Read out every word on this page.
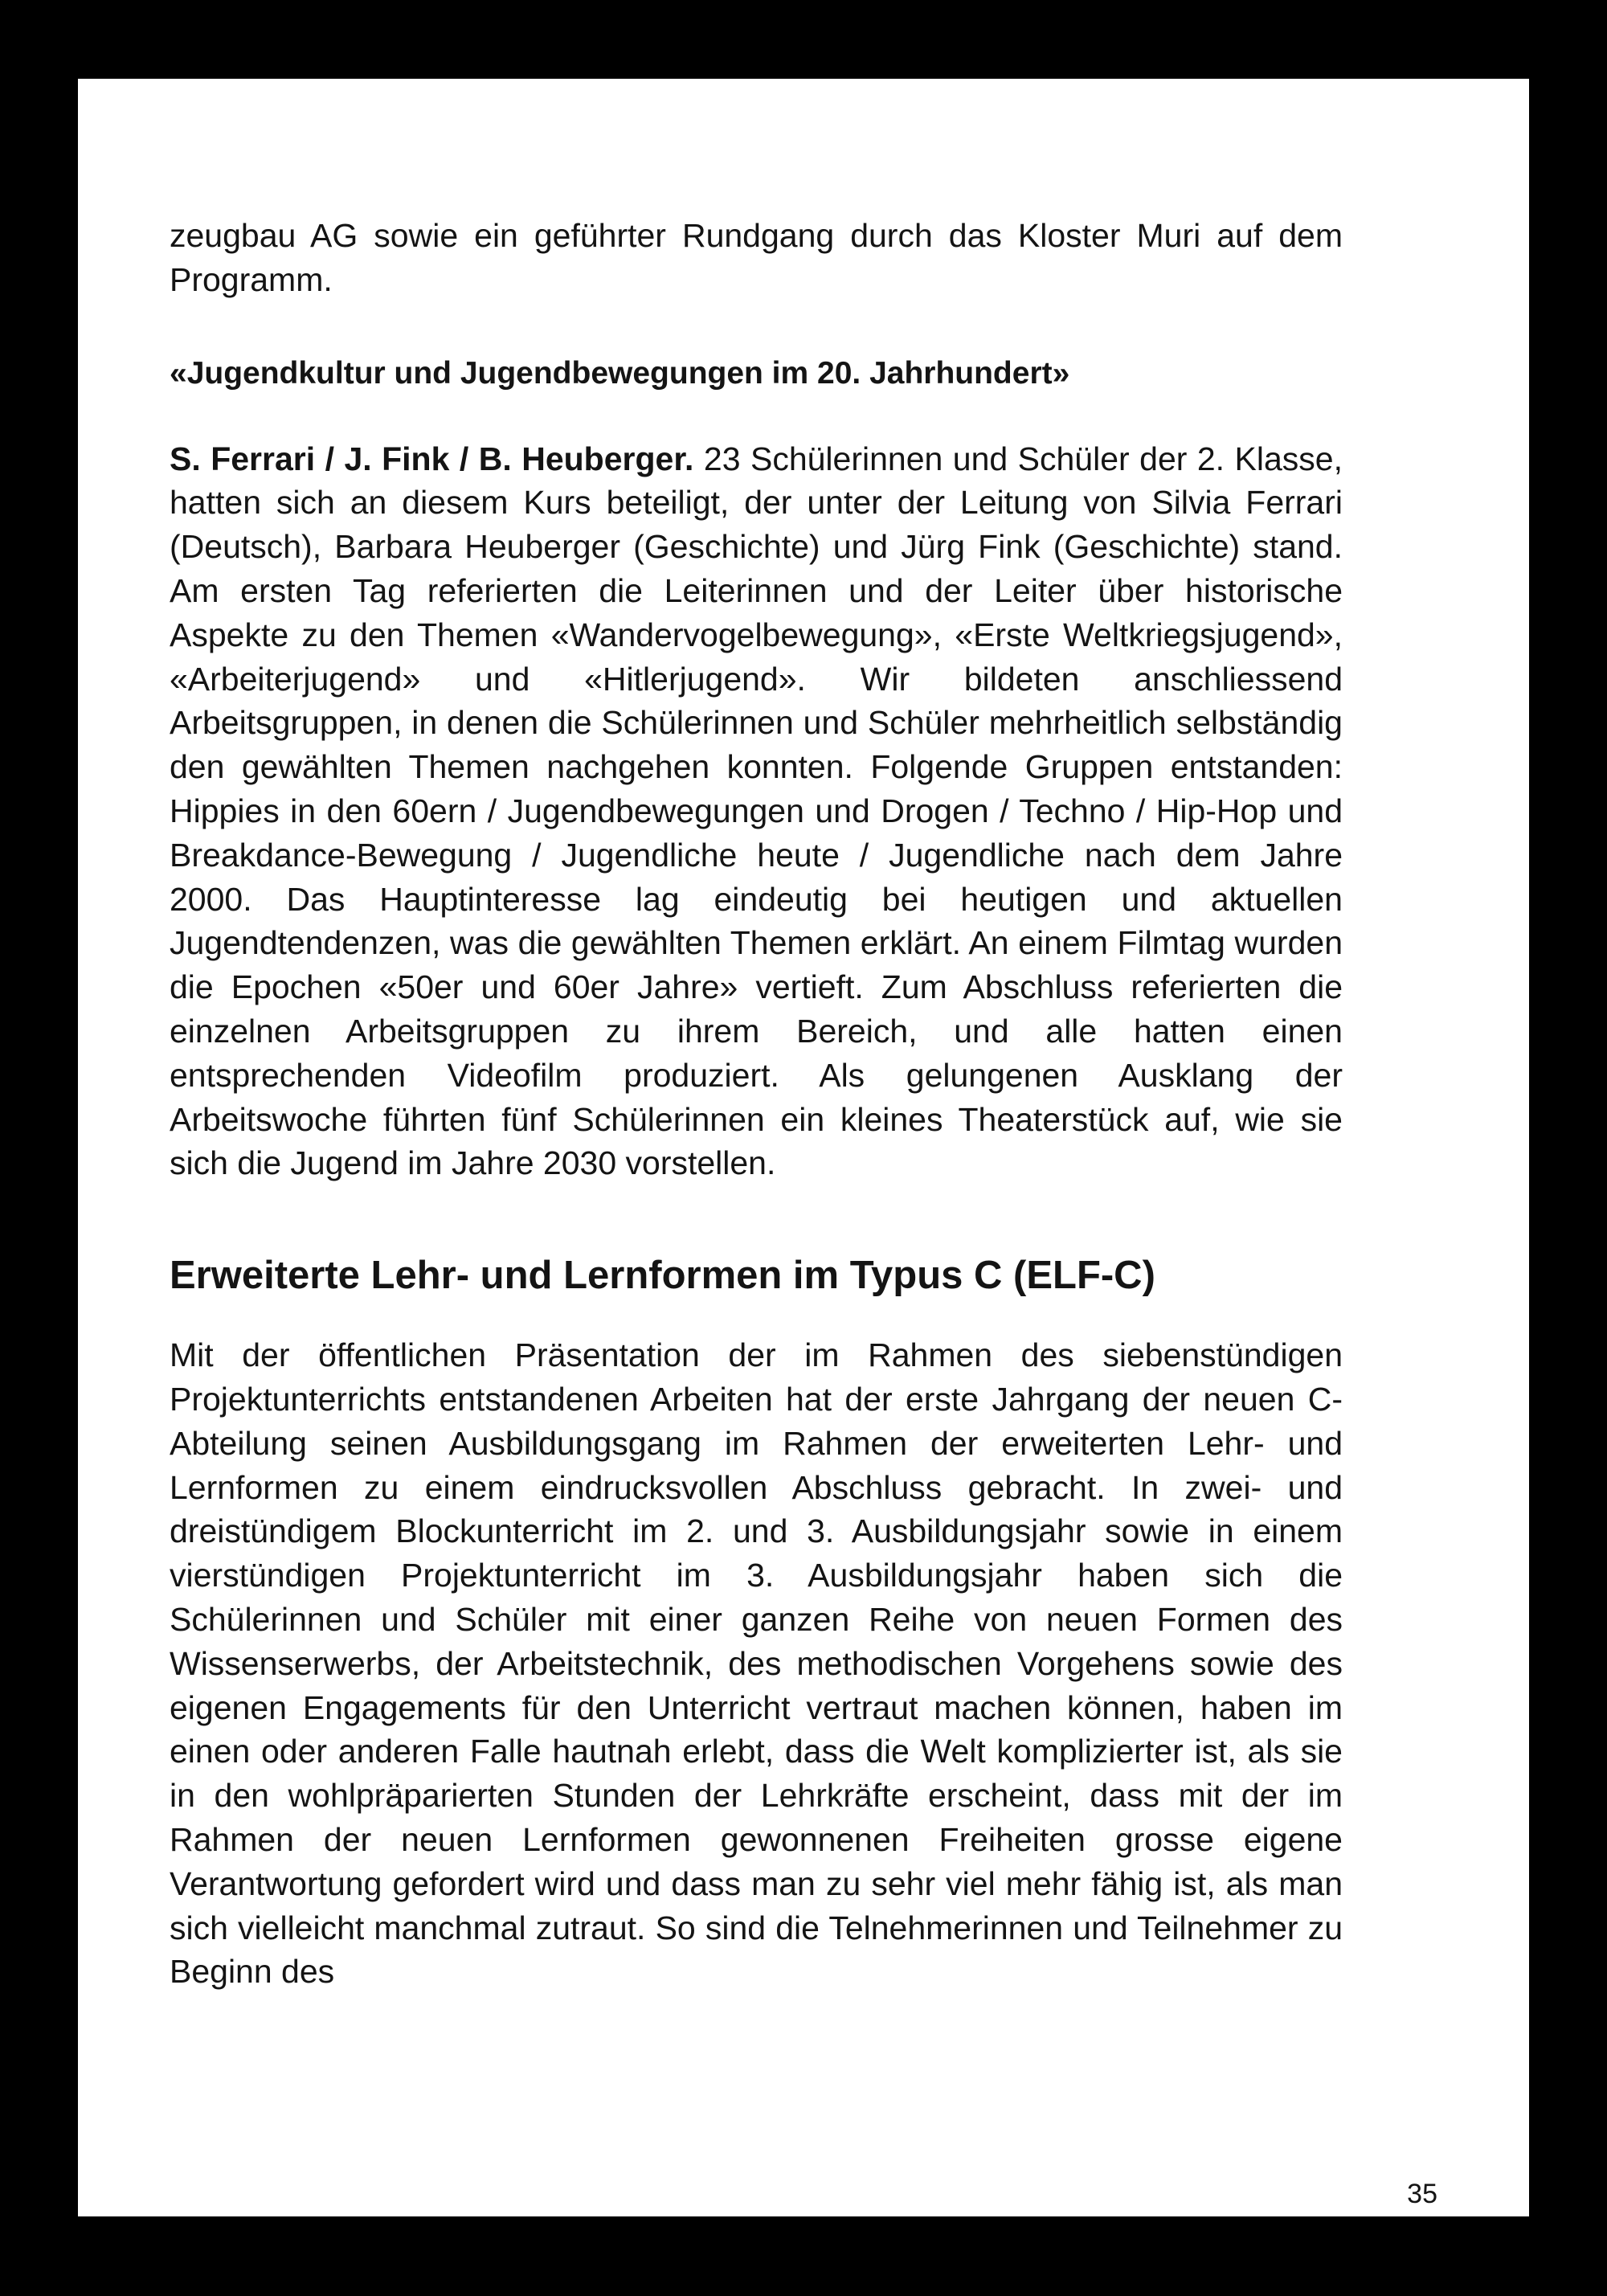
zeugbau AG sowie ein geführter Rundgang durch das Kloster Muri auf dem Programm.

«Jugendkultur und Jugendbewegungen im 20. Jahrhundert»

S. Ferrari / J. Fink / B. Heuberger. 23 Schülerinnen und Schüler der 2. Klasse, hatten sich an diesem Kurs beteiligt, der unter der Leitung von Silvia Ferrari (Deutsch), Barbara Heuberger (Geschichte) und Jürg Fink (Geschichte) stand. Am ersten Tag referierten die Leiterinnen und der Leiter über historische Aspekte zu den Themen «Wandervogelbewegung», «Erste Weltkriegsjugend», «Arbeiterjugend» und «Hitlerjugend». Wir bildeten anschliessend Arbeitsgruppen, in denen die Schülerinnen und Schüler mehrheitlich selbständig den gewählten Themen nachgehen konnten. Folgende Gruppen entstanden: Hippies in den 60ern / Jugendbewegungen und Drogen / Techno / Hip-Hop und Breakdance-Bewegung / Jugendliche heute / Jugendliche nach dem Jahre 2000. Das Hauptinteresse lag eindeutig bei heutigen und aktuellen Jugendtendenzen, was die gewählten Themen erklärt. An einem Filmtag wurden die Epochen «50er und 60er Jahre» vertieft. Zum Abschluss referierten die einzelnen Arbeitsgruppen zu ihrem Bereich, und alle hatten einen entsprechenden Videofilm produziert. Als gelungenen Ausklang der Arbeitswoche führten fünf Schülerinnen ein kleines Theaterstück auf, wie sie sich die Jugend im Jahre 2030 vorstellen.

Erweiterte Lehr- und Lernformen im Typus C (ELF-C)

Mit der öffentlichen Präsentation der im Rahmen des siebenstündigen Projektunterrichts entstandenen Arbeiten hat der erste Jahrgang der neuen C-Abteilung seinen Ausbildungsgang im Rahmen der erweiterten Lehr- und Lernformen zu einem eindrucksvollen Abschluss gebracht. In zwei- und dreistündigem Blockunterricht im 2. und 3. Ausbildungsjahr sowie in einem vierstündigen Projektunterricht im 3. Ausbildungsjahr haben sich die Schülerinnen und Schüler mit einer ganzen Reihe von neuen Formen des Wissenserwerbs, der Arbeitstechnik, des methodischen Vorgehens sowie des eigenen Engagements für den Unterricht vertraut machen können, haben im einen oder anderen Falle hautnah erlebt, dass die Welt komplizierter ist, als sie in den wohlpräparierten Stunden der Lehrkräfte erscheint, dass mit der im Rahmen der neuen Lernformen gewonnenen Freiheiten grosse eigene Verantwortung gefordert wird und dass man zu sehr viel mehr fähig ist, als man sich vielleicht manchmal zutraut. So sind die Telnehmerinnen und Teilnehmer zu Beginn des

35
